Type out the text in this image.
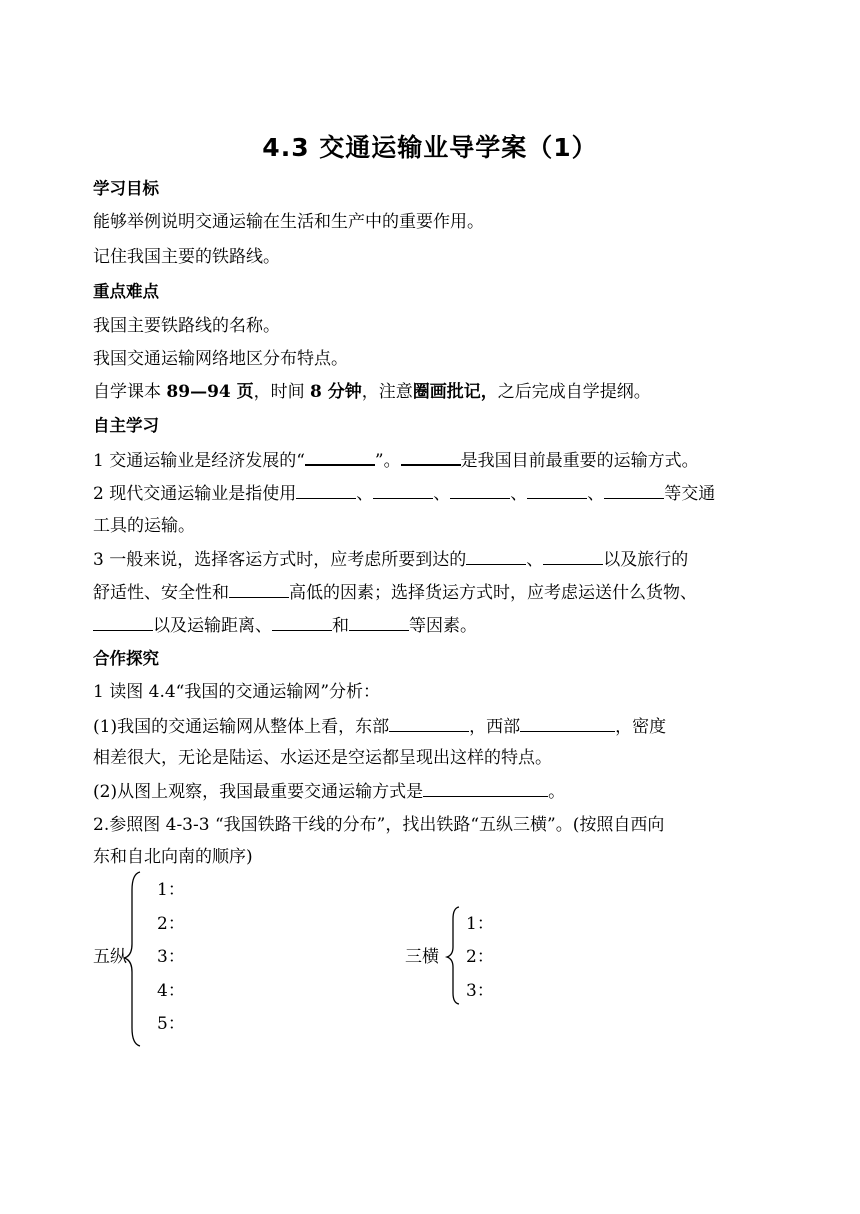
4.3 交通运输业导学案（1）
学习目标
能够举例说明交通运输在生活和生产中的重要作用。
记住我国主要的铁路线。
重点难点
我国主要铁路线的名称。
我国交通运输网络地区分布特点。
自学课本 89—94 页，时间 8 分钟，注意圈画批记，之后完成自学提纲。
自主学习
1 交通运输业是经济发展的“	”。	是我国目前最重要的运输方式。
2 现代交通运输业是指使用	、	、	、	、	等交通
工具的运输。
3 一般来说，选择客运方式时，应考虑所要到达的	、	以及旅行的
舒适性、安全性和	高低的因素；选择货运方式时，应考虑运送什么货物、
以及运输距离、	和	等因素。
合作探究
1 读图 4.4“我国的交通运输网”分析：
(1)我国的交通运输网从整体上看，东部	，西部	，密度
相差很大，无论是陆运、水运还是空运都呈现出这样的特点。
(2)从图上观察，我国最重要交通运输方式是	。
2.参照图 4-3-3 “我国铁路干线的分布”，找出铁路“五纵三横”。(按照自西向
东和自北向南的顺序)
五纵
1：
2：
3：
4：
5：
三横
1：
2：
3：
